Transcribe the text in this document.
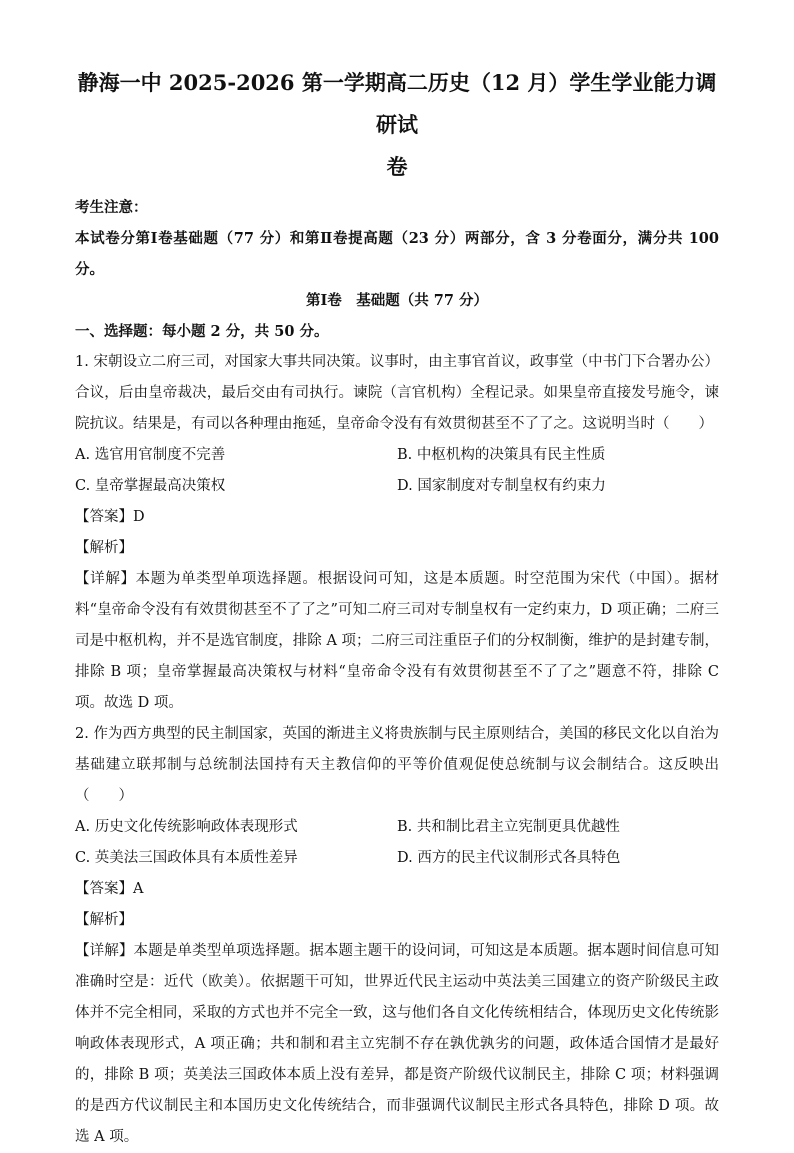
静海一中 2025-2026 第一学期高二历史（12 月）学生学业能力调研试
卷

考生注意：

本试卷分第Ⅰ卷基础题（77 分）和第Ⅱ卷提高题（23 分）两部分，含 3 分卷面分，满分共 100 分。

第Ⅰ卷　基础题（共 77 分）

一、选择题：每小题 2 分，共 50 分。

1. 宋朝设立二府三司，对国家大事共同决策。议事时，由主事官首议，政事堂（中书门下合署办公）合议，后由皇帝裁决，最后交由有司执行。谏院（言官机构）全程记录。如果皇帝直接发号施令，谏院抗议。结果是，有司以各种理由拖延，皇帝命令没有有效贯彻甚至不了了之。这说明当时（　　）

A. 选官用官制度不完善	B. 中枢机构的决策具有民主性质
C. 皇帝掌握最高决策权	D. 国家制度对专制皇权有约束力

【答案】D

【解析】

【详解】本题为单类型单项选择题。根据设问可知，这是本质题。时空范围为宋代（中国）。据材料“皇帝命令没有有效贯彻甚至不了了之”可知二府三司对专制皇权有一定约束力，D 项正确；二府三司是中枢机构，并不是选官制度，排除 A 项；二府三司注重臣子们的分权制衡，维护的是封建专制，排除 B 项；皇帝掌握最高决策权与材料“皇帝命令没有有效贯彻甚至不了了之”题意不符，排除 C 项。故选 D 项。

2. 作为西方典型的民主制国家，英国的渐进主义将贵族制与民主原则结合，美国的移民文化以自治为基础建立联邦制与总统制法国持有天主教信仰的平等价值观促使总统制与议会制结合。这反映出（　　）

A. 历史文化传统影响政体表现形式	B. 共和制比君主立宪制更具优越性
C. 英美法三国政体具有本质性差异	D. 西方的民主代议制形式各具特色

【答案】A

【解析】

【详解】本题是单类型单项选择题。据本题主题干的设问词，可知这是本质题。据本题时间信息可知准确时空是：近代（欧美）。依据题干可知，世界近代民主运动中英法美三国建立的资产阶级民主政体并不完全相同，采取的方式也并不完全一致，这与他们各自文化传统相结合，体现历史文化传统影响政体表现形式，A 项正确；共和制和君主立宪制不存在孰优孰劣的问题，政体适合国情才是最好的，排除 B 项；英美法三国政体本质上没有差异，都是资产阶级代议制民主，排除 C 项；材料强调的是西方代议制民主和本国历史文化传统结合，而非强调代议制民主形式各具特色，排除 D 项。故选 A 项。
